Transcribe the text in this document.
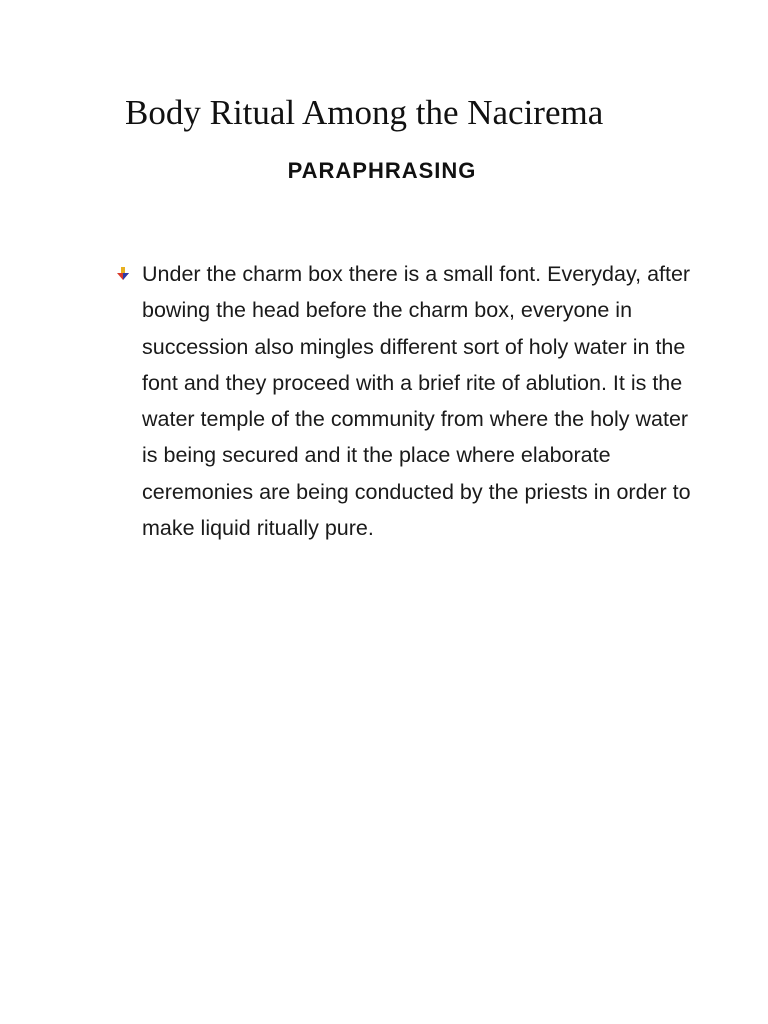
Body Ritual Among the Nacirema
PARAPHRASING
Under the charm box there is a small font. Everyday, after bowing the head before the charm box, everyone in succession also mingles different sort of holy water in the font and they proceed with a brief rite of ablution. It is the water temple of the community from where the holy water is being secured and it the place where elaborate ceremonies are being conducted by the priests in order to make liquid ritually pure.
